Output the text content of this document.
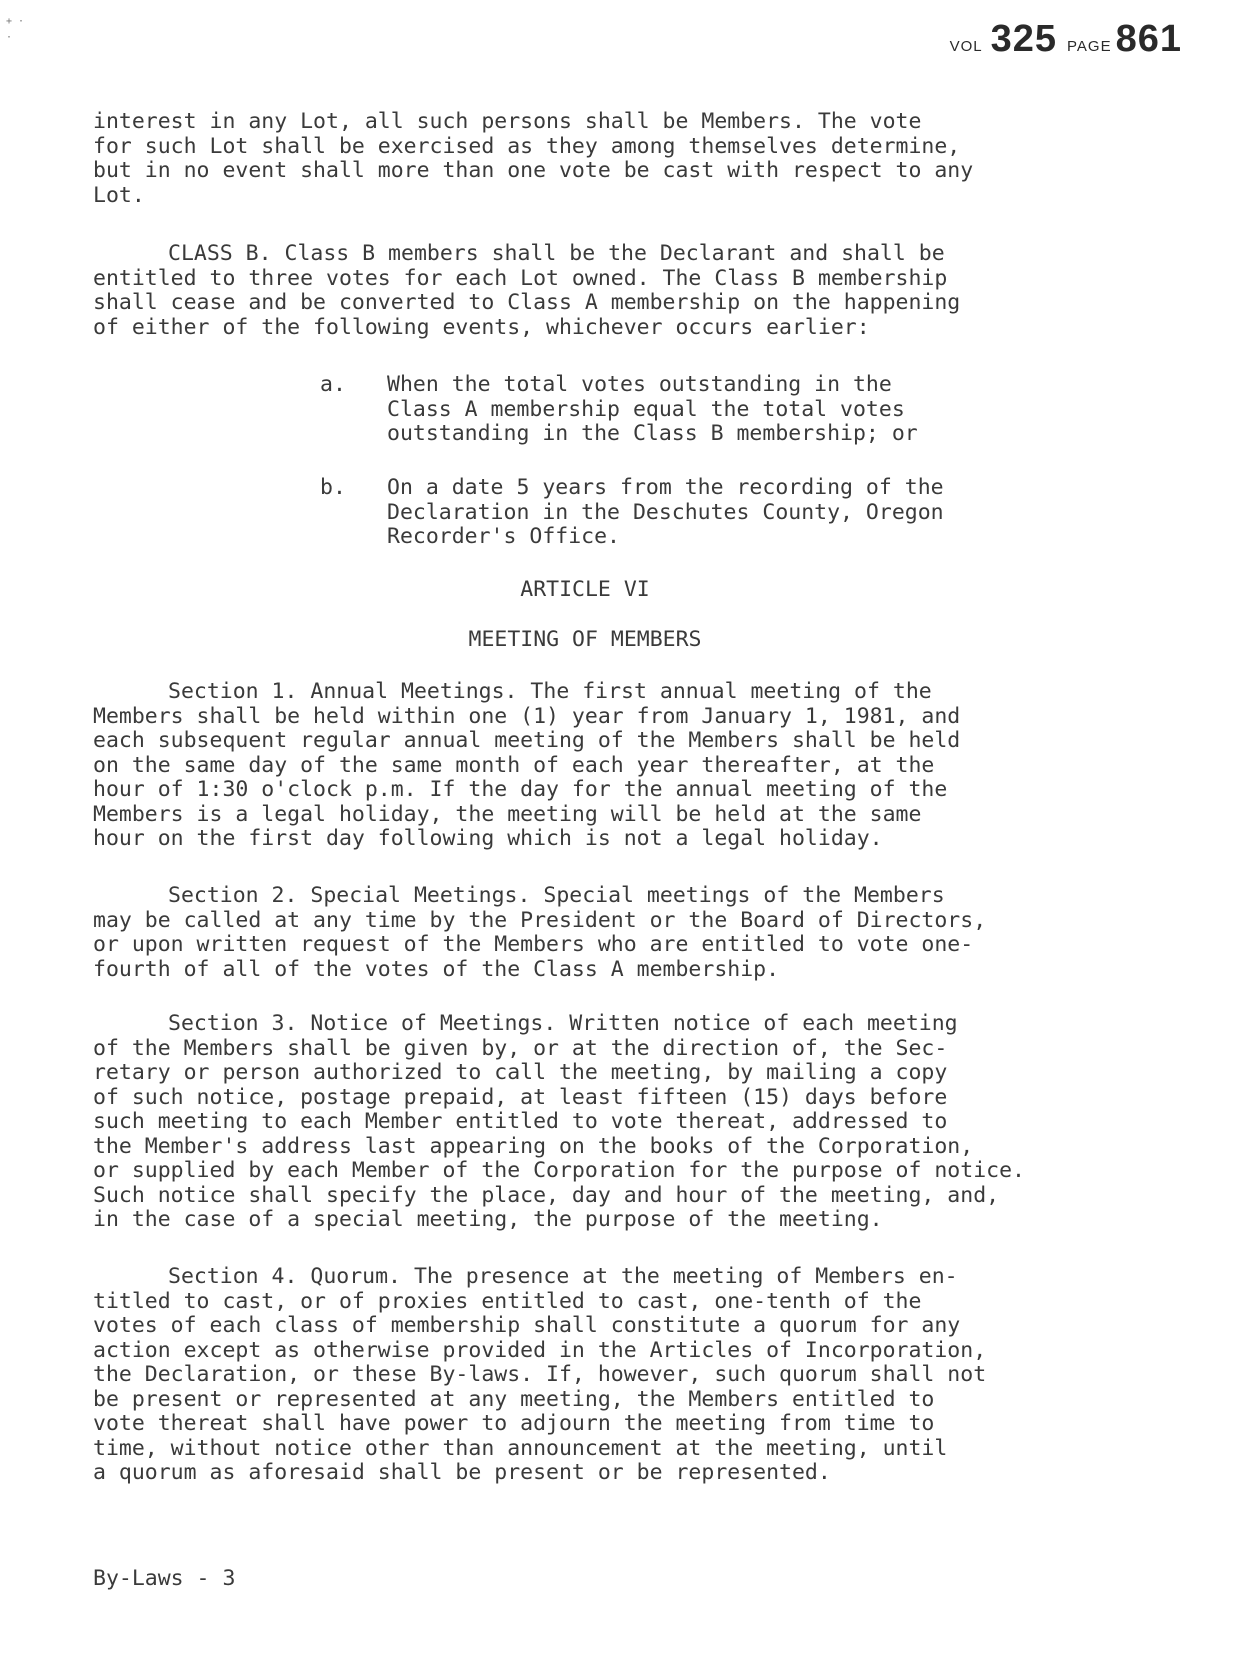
+ ·
·
VOL 325 PAGE 861
interest in any Lot, all such persons shall be Members. The vote
for such Lot shall be exercised as they among themselves determine,
but in no event shall more than one vote be cast with respect to any
Lot.
CLASS B. Class B members shall be the Declarant and shall be
entitled to three votes for each Lot owned. The Class B membership
shall cease and be converted to Class A membership on the happening
of either of the following events, whichever occurs earlier:
a. When the total votes outstanding in the
Class A membership equal the total votes
outstanding in the Class B membership; or
b. On a date 5 years from the recording of the
Declaration in the Deschutes County, Oregon
Recorder's Office.
ARTICLE VI
MEETING OF MEMBERS
Section 1. Annual Meetings. The first annual meeting of the
Members shall be held within one (1) year from January 1, 1981, and
each subsequent regular annual meeting of the Members shall be held
on the same day of the same month of each year thereafter, at the
hour of 1:30 o'clock p.m. If the day for the annual meeting of the
Members is a legal holiday, the meeting will be held at the same
hour on the first day following which is not a legal holiday.
Section 2. Special Meetings. Special meetings of the Members
may be called at any time by the President or the Board of Directors,
or upon written request of the Members who are entitled to vote one-
fourth of all of the votes of the Class A membership.
Section 3. Notice of Meetings. Written notice of each meeting
of the Members shall be given by, or at the direction of, the Sec-
retary or person authorized to call the meeting, by mailing a copy
of such notice, postage prepaid, at least fifteen (15) days before
such meeting to each Member entitled to vote thereat, addressed to
the Member's address last appearing on the books of the Corporation,
or supplied by each Member of the Corporation for the purpose of notice.
Such notice shall specify the place, day and hour of the meeting, and,
in the case of a special meeting, the purpose of the meeting.
Section 4. Quorum. The presence at the meeting of Members en-
titled to cast, or of proxies entitled to cast, one-tenth of the
votes of each class of membership shall constitute a quorum for any
action except as otherwise provided in the Articles of Incorporation,
the Declaration, or these By-laws. If, however, such quorum shall not
be present or represented at any meeting, the Members entitled to
vote thereat shall have power to adjourn the meeting from time to
time, without notice other than announcement at the meeting, until
a quorum as aforesaid shall be present or be represented.
By-Laws - 3
